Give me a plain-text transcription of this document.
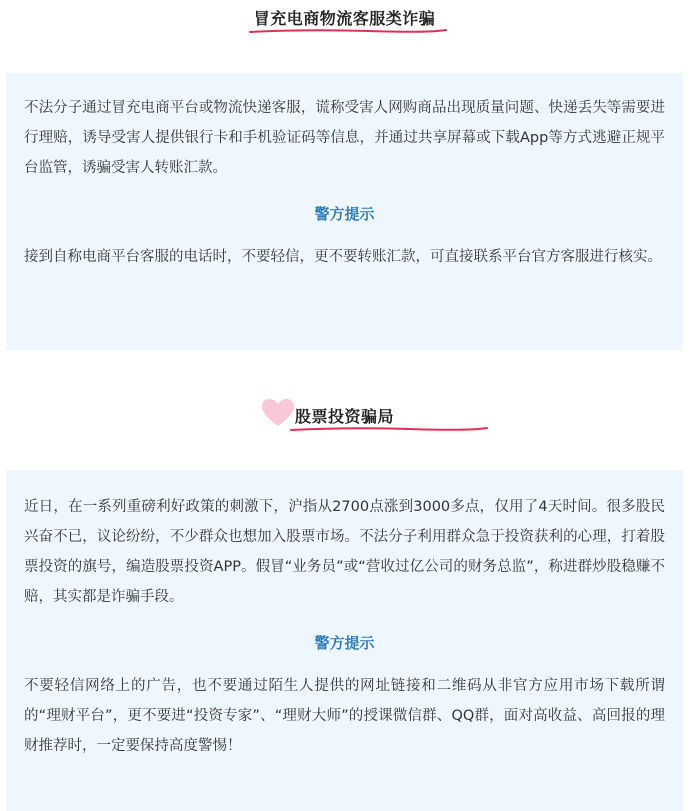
冒充电商物流客服类诈骗

不法分子通过冒充电商平台或物流快递客服，谎称受害人网购商品出现质量问题、快递丢失等需要进行理赔，诱导受害人提供银行卡和手机验证码等信息，并通过共享屏幕或下载App等方式逃避正规平台监管，诱骗受害人转账汇款。

警方提示

接到自称电商平台客服的电话时，不要轻信，更不要转账汇款，可直接联系平台官方客服进行核实。

股票投资骗局

近日，在一系列重磅利好政策的刺激下，沪指从2700点涨到3000多点，仅用了4天时间。很多股民兴奋不已，议论纷纷，不少群众也想加入股票市场。不法分子利用群众急于投资获利的心理，打着股票投资的旗号，编造股票投资APP。假冒“业务员”或“营收过亿公司的财务总监”，称进群炒股稳赚不赔，其实都是诈骗手段。

警方提示

不要轻信网络上的广告，也不要通过陌生人提供的网址链接和二维码从非官方应用市场下载所谓的“理财平台”，更不要进“投资专家”、“理财大师”的授课微信群、QQ群，面对高收益、高回报的理财推荐时，一定要保持高度警惕！
